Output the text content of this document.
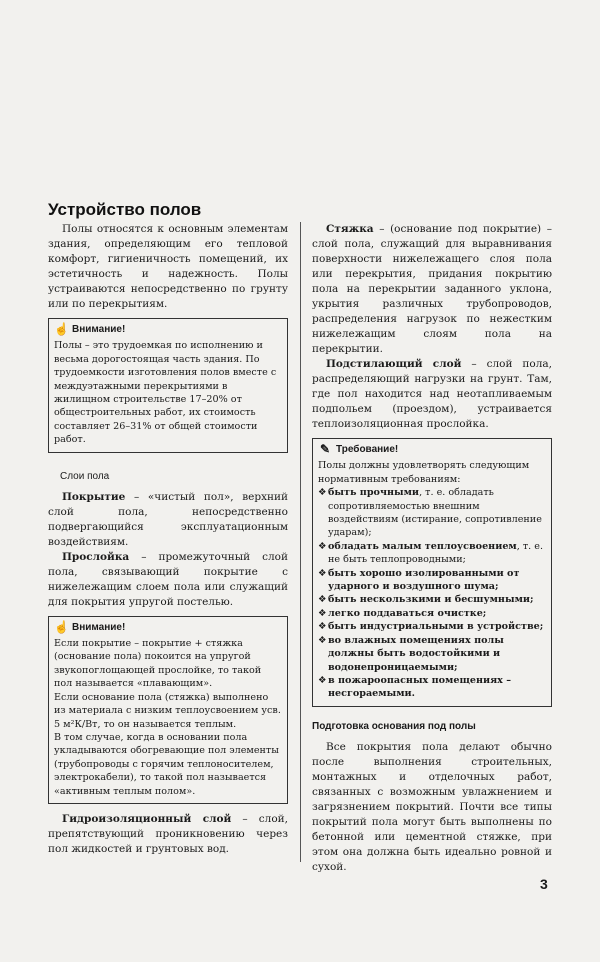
Устройство полов

Полы относятся к основным элементам здания, определяющим его тепловой комфорт, гигиеничность помещений, их эстетичность и надежность. Полы устраиваются непосредственно по грунту или по перекрытиям.

☝ Внимание!

Полы – это трудоемкая по исполнению и весьма дорогостоящая часть здания. По трудоемкости изготовления полов вместе с междуэтажными перекрытиями в жилищном строительстве 17–20% от общестроительных работ, их стоимость составляет 26–31% от общей стоимости работ.

Слои пола

Покрытие – «чистый пол», верхний слой пола, непосредственно подвергающийся эксплуатационным воздействиям.

Прослойка – промежуточный слой пола, связывающий покрытие с нижележащим слоем пола или служащий для покрытия упругой постелью.

☝ Внимание!

Если покрытие – покрытие + стяжка (основание пола) покоится на упругой звукопоглощающей прослойке, то такой пол называется «плавающим».

Если основание пола (стяжка) выполнено из материала с низким теплоусвоением усв. 5 м²К/Вт, то он называется теплым.

В том случае, когда в основании пола укладываются обогревающие пол элементы (трубопроводы с горячим теплоносителем, электрокабели), то такой пол называется «активным теплым полом».

Гидроизоляционный слой – слой, препятствующий проникновению через пол жидкостей и грунтовых вод.

Стяжка – (основание под покрытие) – слой пола, служащий для выравнивания поверхности нижележащего слоя пола или перекрытия, придания покрытию пола на перекрытии заданного уклона, укрытия различных трубопроводов, распределения нагрузок по нежестким нижележащим слоям пола на перекрытии.

Подстилающий слой – слой пола, распределяющий нагрузки на грунт. Там, где пол находится над неотапливаемым подпольем (проездом), устраивается теплоизоляционная прослойка.

✎ Требование!

Полы должны удовлетворять следующим нормативным требованиям:

❖быть прочными, т. е. обладать сопротивляемостью внешним воздействиям (истирание, сопротивление ударам);
❖обладать малым теплоусвоением, т. е. не быть теплопроводными;
❖быть хорошо изолированными от ударного и воздушного шума;
❖быть нескользкими и бесшумными;
❖легко поддаваться очистке;
❖быть индустриальными в устройстве;
❖во влажных помещениях полы должны быть водостойкими и водонепроницаемыми;
❖в пожароопасных помещениях – несгораемыми.
Подготовка основания под полы

Все покрытия пола делают обычно после выполнения строительных, монтажных и отделочных работ, связанных с возможным увлажнением и загрязнением покрытий. Почти все типы покрытий пола могут быть выполнены по бетонной или цементной стяжке, при этом она должна быть идеально ровной и сухой.

3
